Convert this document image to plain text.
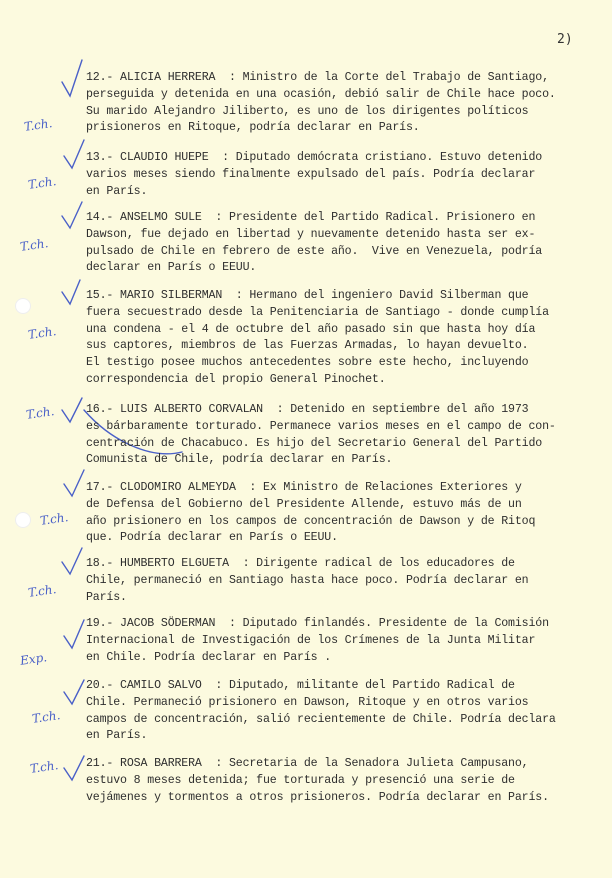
2)
T.ch.
T.ch.
T.ch.
T.ch.
T.ch.
T.ch.
T.ch.
Exp.
T.ch.
T.ch.
12.- ALICIA HERRERA  : Ministro de la Corte del Trabajo de Santiago,
perseguida y detenida en una ocasión, debió salir de Chile hace poco.
Su marido Alejandro Jiliberto, es uno de los dirigentes políticos
prisioneros en Ritoque, podría declarar en París.
13.- CLAUDIO HUEPE  : Diputado demócrata cristiano. Estuvo detenido
varios meses siendo finalmente expulsado del país. Podría declarar
en París.
14.- ANSELMO SULE  : Presidente del Partido Radical. Prisionero en
Dawson, fue dejado en libertad y nuevamente detenido hasta ser ex-
pulsado de Chile en febrero de este año.  Vive en Venezuela, podría
declarar en París o EEUU.
15.- MARIO SILBERMAN  : Hermano del ingeniero David Silberman que
fuera secuestrado desde la Penitenciaria de Santiago - donde cumplía
una condena - el 4 de octubre del año pasado sin que hasta hoy día
sus captores, miembros de las Fuerzas Armadas, lo hayan devuelto.
El testigo posee muchos antecedentes sobre este hecho, incluyendo
correspondencia del propio General Pinochet.
16.- LUIS ALBERTO CORVALAN  : Detenido en septiembre del año 1973
es bárbaramente torturado. Permanece varios meses en el campo de con-
centración de Chacabuco. Es hijo del Secretario General del Partido
Comunista de Chile, podría declarar en París.
17.- CLODOMIRO ALMEYDA  : Ex Ministro de Relaciones Exteriores y
de Defensa del Gobierno del Presidente Allende, estuvo más de un
año prisionero en los campos de concentración de Dawson y de Ritoq
que. Podría declarar en París o EEUU.
18.- HUMBERTO ELGUETA  : Dirigente radical de los educadores de
Chile, permaneció en Santiago hasta hace poco. Podría declarar en
París.
19.- JACOB SÖDERMAN  : Diputado finlandés. Presidente de la Comisión
Internacional de Investigación de los Crímenes de la Junta Militar
en Chile. Podría declarar en París .
20.- CAMILO SALVO  : Diputado, militante del Partido Radical de
Chile. Permaneció prisionero en Dawson, Ritoque y en otros varios
campos de concentración, salió recientemente de Chile. Podría declara
en París.
21.- ROSA BARRERA  : Secretaria de la Senadora Julieta Campusano,
estuvo 8 meses detenida; fue torturada y presenció una serie de
vejámenes y tormentos a otros prisioneros. Podría declarar en París.
